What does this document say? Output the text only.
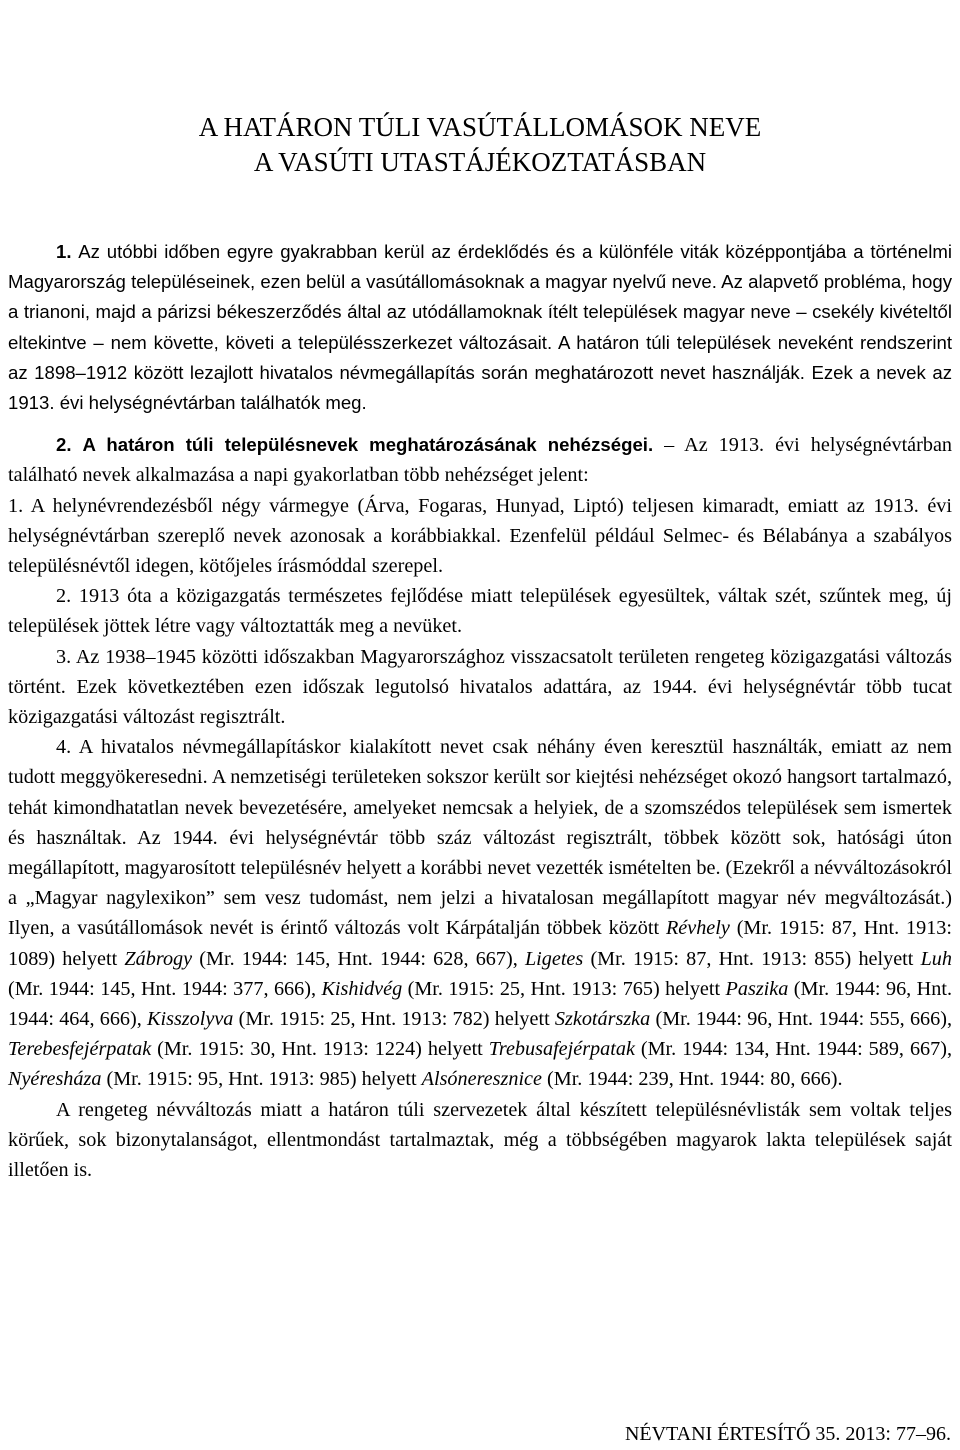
A HATÁRON TÚLI VASÚTÁLLOMÁSOK NEVE
A VASÚTI UTASTÁJÉKOZTATÁSBAN

1. Az utóbbi időben egyre gyakrabban kerül az érdeklődés és a különféle viták középpontjába a történelmi Magyarország településeinek, ezen belül a vasútállomásoknak a magyar nyelvű neve. Az alapvető probléma, hogy a trianoni, majd a párizsi békeszerződés által az utódállamoknak ítélt települések magyar neve – csekély kivételtől eltekintve – nem követte, követi a településszerkezet változásait. A határon túli települések neveként rendszerint az 1898–1912 között lezajlott hivatalos névmegállapítás során meghatározott nevet használják. Ezek a nevek az 1913. évi helységnévtárban találhatók meg.

2. A határon túli településnevek meghatározásának nehézségei. – Az 1913. évi helységnévtárban található nevek alkalmazása a napi gyakorlatban több nehézséget jelent:

1. A helynévrendezésből négy vármegye (Árva, Fogaras, Hunyad, Liptó) teljesen kimaradt, emiatt az 1913. évi helységnévtárban szereplő nevek azonosak a korábbiakkal. Ezenfelül például Selmec- és Bélabánya a szabályos településnévtől idegen, kötőjeles írásmóddal szerepel.

2. 1913 óta a közigazgatás természetes fejlődése miatt települések egyesültek, váltak szét, szűntek meg, új települések jöttek létre vagy változtatták meg a nevüket.

3. Az 1938–1945 közötti időszakban Magyarországhoz visszacsatolt területen rengeteg közigazgatási változás történt. Ezek következtében ezen időszak legutolsó hivatalos adattára, az 1944. évi helységnévtár több tucat közigazgatási változást regisztrált.

4. A hivatalos névmegállapításkor kialakított nevet csak néhány éven keresztül használták, emiatt az nem tudott meggyökeresedni. A nemzetiségi területeken sokszor került sor kiejtési nehézséget okozó hangsort tartalmazó, tehát kimondhatatlan nevek bevezetésére, amelyeket nemcsak a helyiek, de a szomszédos települések sem ismertek és használtak. Az 1944. évi helységnévtár több száz változást regisztrált, többek között sok, hatósági úton megállapított, magyarosított településnév helyett a korábbi nevet vezették ismételten be. (Ezekről a névváltozásokról a „Magyar nagylexikon” sem vesz tudomást, nem jelzi a hivatalosan megállapított magyar név megváltozását.) Ilyen, a vasútállomások nevét is érintő változás volt Kárpátalján többek között Révhely (Mr. 1915: 87, Hnt. 1913: 1089) helyett Zábrogy (Mr. 1944: 145, Hnt. 1944: 628, 667), Ligetes (Mr. 1915: 87, Hnt. 1913: 855) helyett Luh (Mr. 1944: 145, Hnt. 1944: 377, 666), Kishidvég (Mr. 1915: 25, Hnt. 1913: 765) helyett Paszika (Mr. 1944: 96, Hnt. 1944: 464, 666), Kisszolyva (Mr. 1915: 25, Hnt. 1913: 782) helyett Szkotárszka (Mr. 1944: 96, Hnt. 1944: 555, 666), Terebesfejérpatak (Mr. 1915: 30, Hnt. 1913: 1224) helyett Trebusafejérpatak (Mr. 1944: 134, Hnt. 1944: 589, 667), Nyéresháza (Mr. 1915: 95, Hnt. 1913: 985) helyett Alsóneresznice (Mr. 1944: 239, Hnt. 1944: 80, 666).

A rengeteg névváltozás miatt a határon túli szervezetek által készített településnévlisták sem voltak teljes körűek, sok bizonytalanságot, ellentmondást tartalmaztak, még a többségében magyarok lakta települések saját illetően is.

NÉVTANI ÉRTESÍTŐ 35. 2013: 77–96.
